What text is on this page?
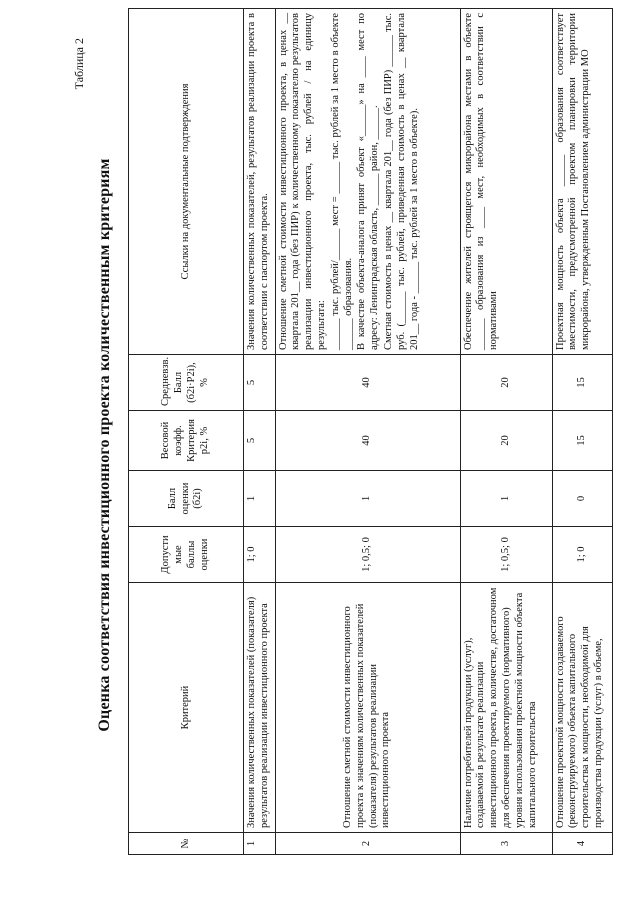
Таблица 2
Оценка соответствия инвестиционного проекта количественным критериям
№	Критерий	Допусти мые баллы оценки	Балл оценки (б2i)	Весовой коэфф. Критерия p2i, %	Средневзв. Балл (б2i·P2i), %	Ссылки на документальные подтверждения
1	Значения количественных показателей (показателя) результатов реализации инвестиционного проекта	1; 0	1	5	5	Значения количественных показателей, результатов реализации проекта в соответствии с паспортом проекта.

2	Отношение сметной стоимости инвестиционного проекта к значениям количественных показателей (показателя) результатов реализации инвестиционного проекта	1; 0,5; 0	1	40	40	Отношение сметной стоимости инвестиционного проекта, в ценах __ квартала 201__ года (без ПИР) к количественному показателю результатов реализации инвестиционного проекта, тыс. рублей / на единицу результата: ______ тыс. рублей/______ мест = ______ тыс. рублей за 1 место в объекте ______ образования. В качестве объекта-аналога принят объект «______» на ____ мест по адресу: Ленинградская область, ______ район, ______. Сметная стоимость в ценах __ квартала 201__ года (без ПИР) ______ тыс. руб. (______ тыс. рублей, приведенная стоимость в ценах __ квартала 201__ года - ______ тыс. рублей за 1 место в объекте).

3	Наличие потребителей продукции (услуг), создаваемой в результате реализации инвестиционного проекта, в количестве, достаточном для обеспечения проектируемого (нормативного) уровня использования проектной мощности объекта капитального строительства	1; 0,5; 0	1	20	20	Обеспечение жителей строящегося микрорайона местами в объекте ______ образования из ____ мест, необходимых в соответствии с нормативами

4	Отношение проектной мощности создаваемого (реконструируемого) объекта капитального строительства к мощности, необходимой для производства продукции (услуг) в объеме,	1; 0	0	15	15	Проектная мощность объекта ______ образования соответствует вместимости, предусмотренной проектом планировки территории микрорайона, утвержденным Постановлением администрации МО
